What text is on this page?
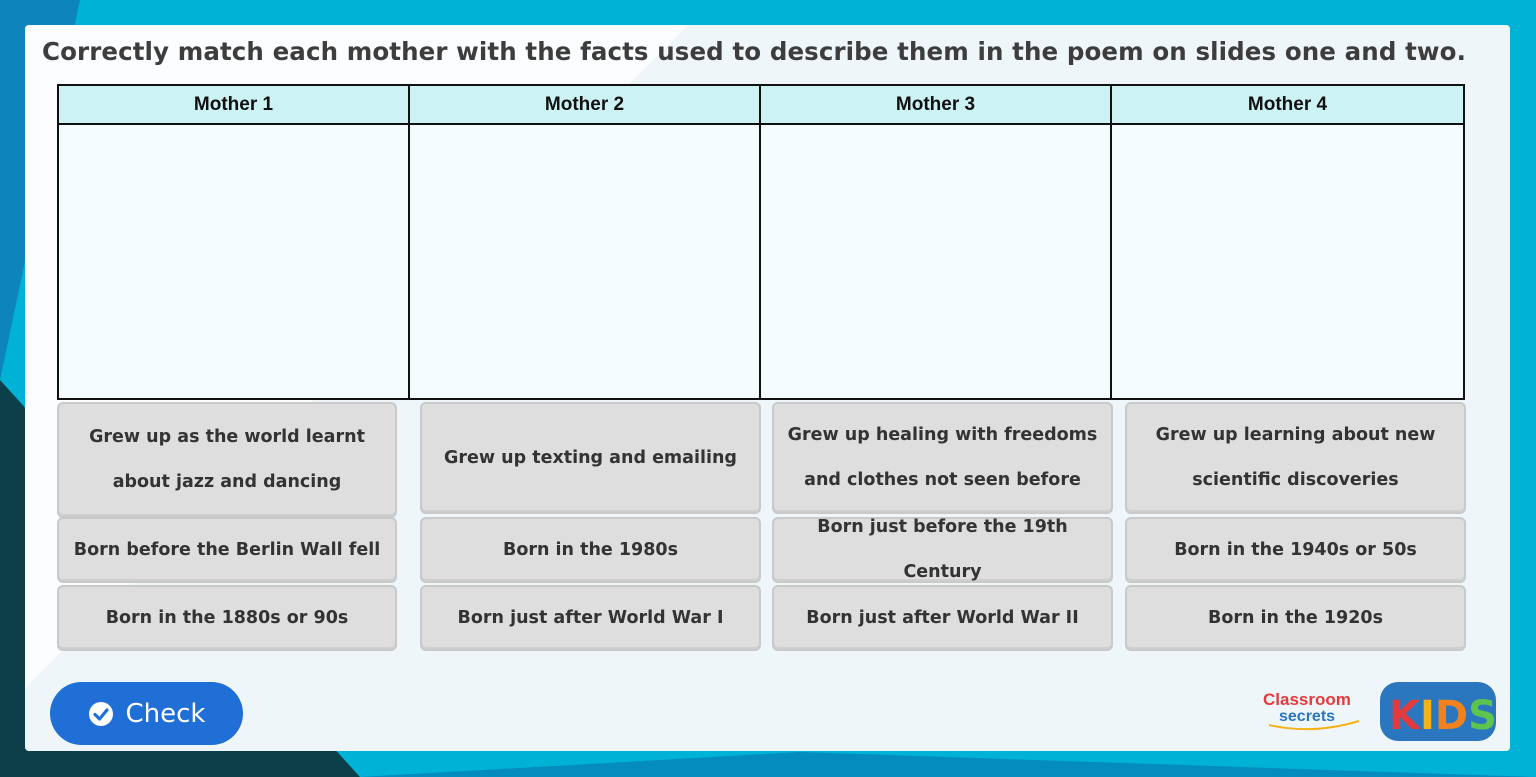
Correctly match each mother with the facts used to describe them in the poem on slides one and two.
Mother 1	Mother 2	Mother 3	Mother 4
Grew up as the world learnt about jazz and dancing
Grew up texting and emailing
Grew up healing with freedoms and clothes not seen before
Grew up learning about new scientific discoveries
Born before the Berlin Wall fell	Born in the 1980s
Born just before the 19th Century
Born in the 1940s or 50s
Born in the 1880s or 90s	Born just after World War I	Born just after World War II	Born in the 1920s
Check	Classroom
secrets KIDS
